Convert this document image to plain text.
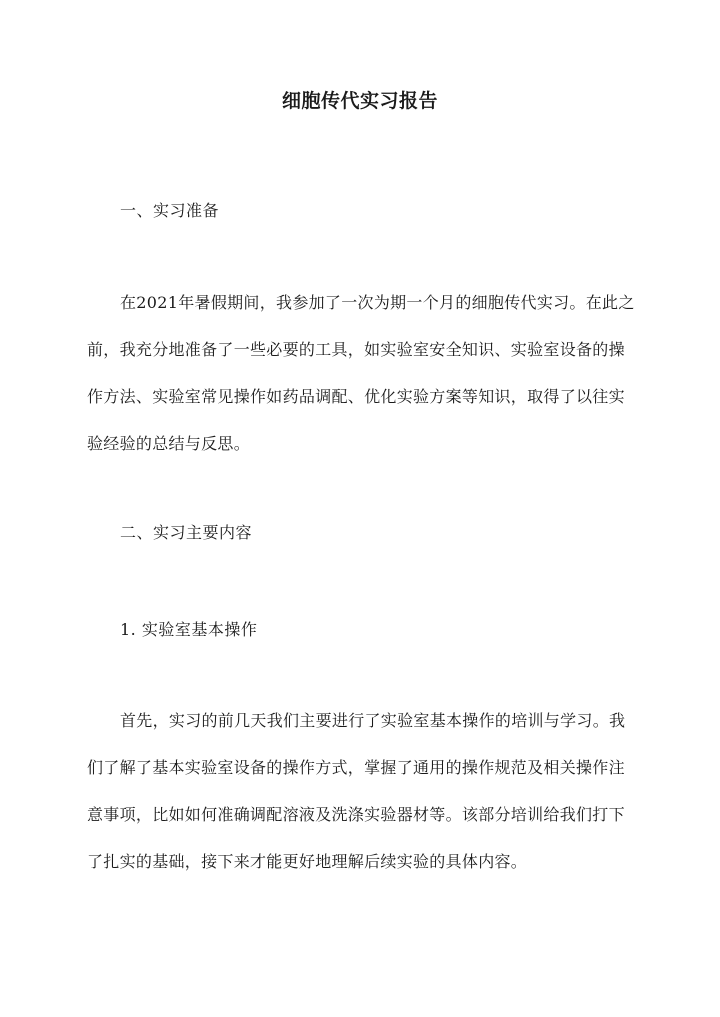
细胞传代实习报告
一、实习准备

在2021年暑假期间，我参加了一次为期一个月的细胞传代实习。在此之前，我充分地准备了一些必要的工具，如实验室安全知识、实验室设备的操作方法、实验室常见操作如药品调配、优化实验方案等知识，取得了以往实验经验的总结与反思。

二、实习主要内容
1. 实验室基本操作

首先，实习的前几天我们主要进行了实验室基本操作的培训与学习。我们了解了基本实验室设备的操作方式，掌握了通用的操作规范及相关操作注意事项，比如如何准确调配溶液及洗涤实验器材等。该部分培训给我们打下了扎实的基础，接下来才能更好地理解后续实验的具体内容。
